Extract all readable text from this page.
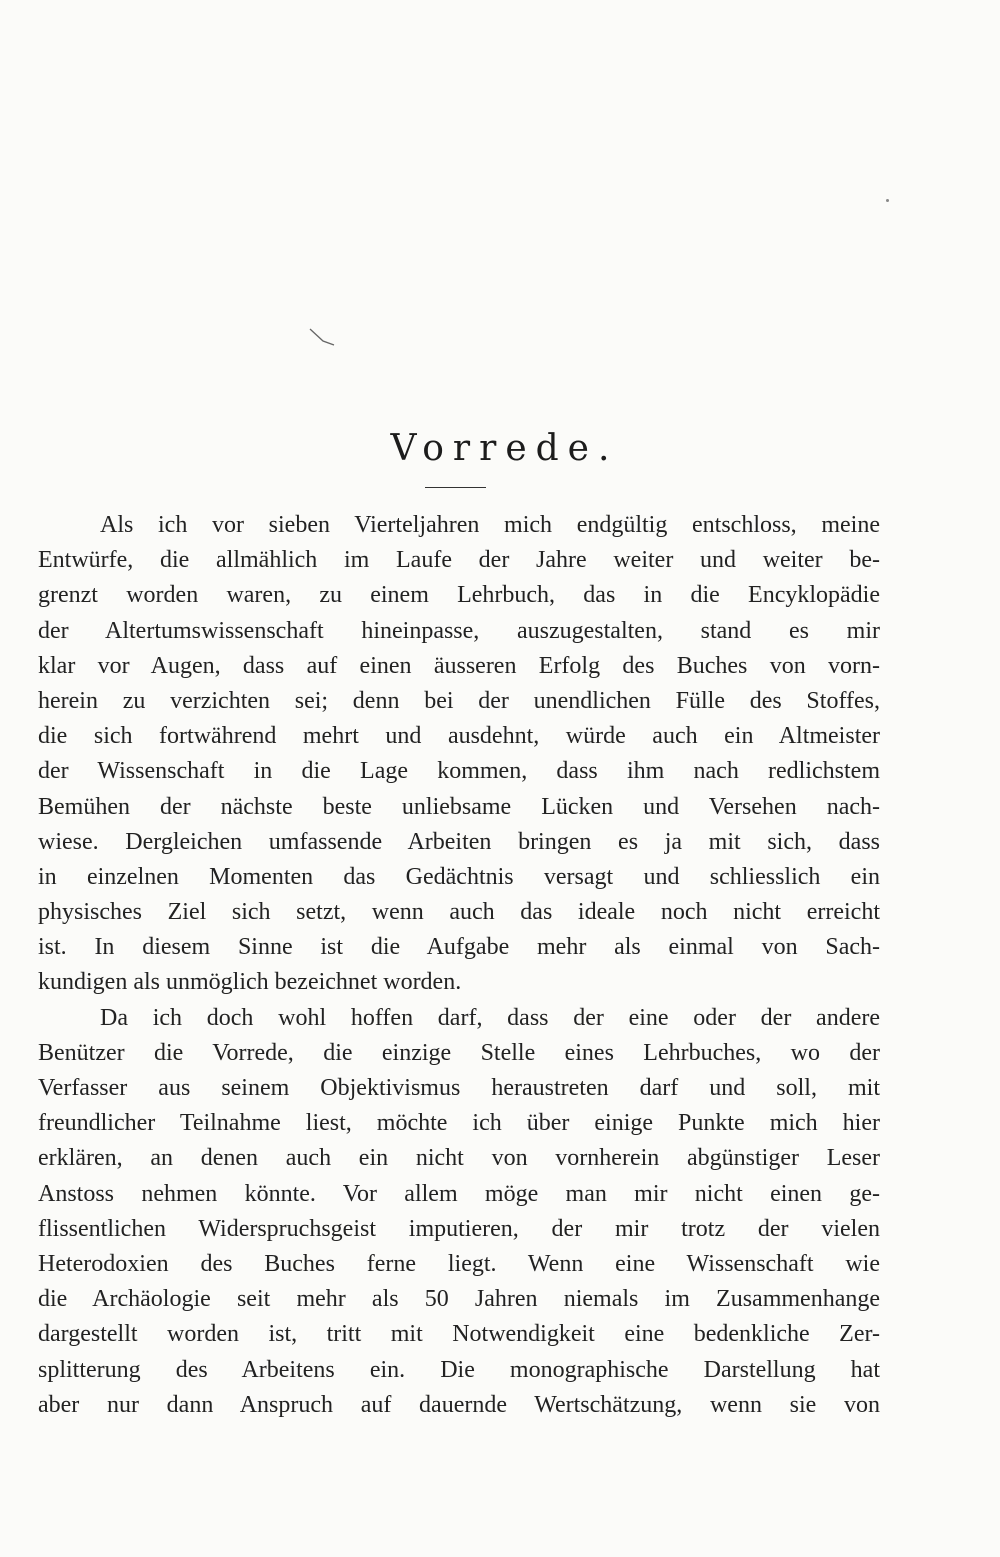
Vorrede.
Als ich vor sieben Vierteljahren mich endgültig entschloss, meine
Entwürfe, die allmählich im Laufe der Jahre weiter und weiter be-
grenzt worden waren, zu einem Lehrbuch, das in die Encyklopädie
der Altertumswissenschaft hineinpasse, auszugestalten, stand es mir
klar vor Augen, dass auf einen äusseren Erfolg des Buches von vorn-
herein zu verzichten sei; denn bei der unendlichen Fülle des Stoffes,
die sich fortwährend mehrt und ausdehnt, würde auch ein Altmeister
der Wissenschaft in die Lage kommen, dass ihm nach redlichstem
Bemühen der nächste beste unliebsame Lücken und Versehen nach-
wiese. Dergleichen umfassende Arbeiten bringen es ja mit sich, dass
in einzelnen Momenten das Gedächtnis versagt und schliesslich ein
physisches Ziel sich setzt, wenn auch das ideale noch nicht erreicht
ist. In diesem Sinne ist die Aufgabe mehr als einmal von Sach-
kundigen als unmöglich bezeichnet worden.
Da ich doch wohl hoffen darf, dass der eine oder der andere
Benützer die Vorrede, die einzige Stelle eines Lehrbuches, wo der
Verfasser aus seinem Objektivismus heraustreten darf und soll, mit
freundlicher Teilnahme liest, möchte ich über einige Punkte mich hier
erklären, an denen auch ein nicht von vornherein abgünstiger Leser
Anstoss nehmen könnte. Vor allem möge man mir nicht einen ge-
flissentlichen Widerspruchsgeist imputieren, der mir trotz der vielen
Heterodoxien des Buches ferne liegt. Wenn eine Wissenschaft wie
die Archäologie seit mehr als 50 Jahren niemals im Zusammenhange
dargestellt worden ist, tritt mit Notwendigkeit eine bedenkliche Zer-
splitterung des Arbeitens ein. Die monographische Darstellung hat
aber nur dann Anspruch auf dauernde Wertschätzung, wenn sie von
